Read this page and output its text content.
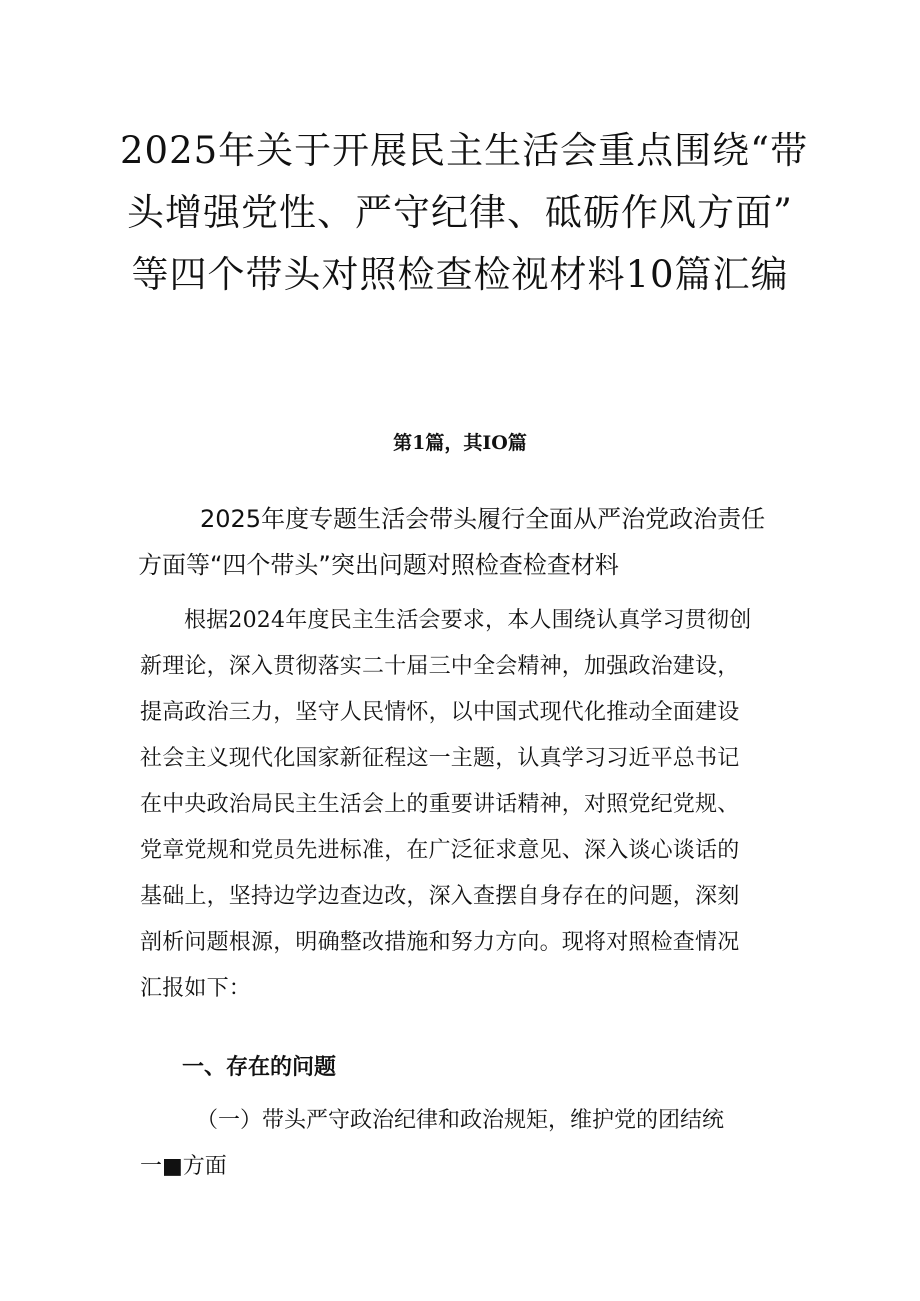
2025年关于开展民主生活会重点围绕“带
头增强党性、严守纪律、砥砺作风方面”
等四个带头对照检查检视材料10篇汇编
第1篇，其IO篇
2025年度专题生活会带头履行全面从严治党政治责任
方面等“四个带头”突出问题对照检查检查材料

根据2024年度民主生活会要求，本人围绕认真学习贯彻创
新理论，深入贯彻落实二十届三中全会精神，加强政治建设，
提高政治三力，坚守人民情怀，以中国式现代化推动全面建设
社会主义现代化国家新征程这一主题，认真学习习近平总书记
在中央政治局民主生活会上的重要讲话精神，对照党纪党规、
党章党规和党员先进标准，在广泛征求意见、深入谈心谈话的
基础上，坚持边学边查边改，深入查摆自身存在的问题，深刻
剖析问题根源，明确整改措施和努力方向。现将对照检查情况
汇报如下：

一、存在的问题

（一）带头严守政治纪律和政治规矩，维护党的团结统
一■方面
